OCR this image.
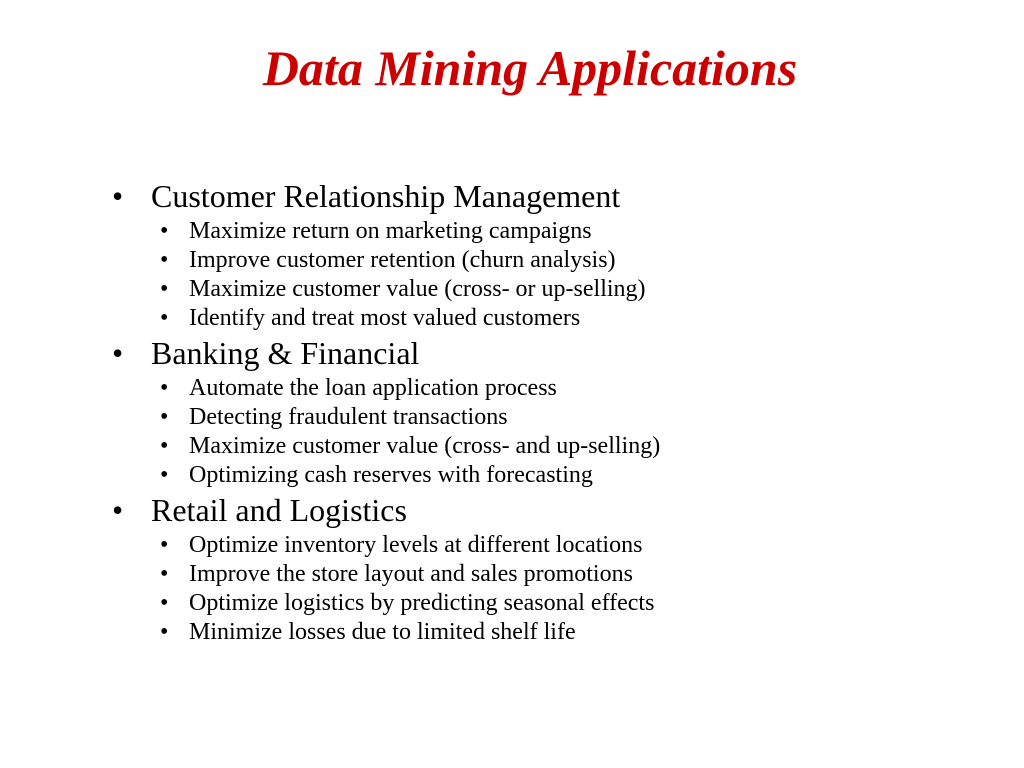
Data Mining Applications
• Customer Relationship Management
• Maximize return on marketing campaigns
• Improve customer retention (churn analysis)
• Maximize customer value (cross- or up-selling)
• Identify and treat most valued customers
• Banking & Financial
• Automate the loan application process
• Detecting fraudulent transactions
• Maximize customer value (cross- and up-selling)
• Optimizing cash reserves with forecasting
• Retail and Logistics
• Optimize inventory levels at different locations
• Improve the store layout and sales promotions
• Optimize logistics by predicting seasonal effects
• Minimize losses due to limited shelf life
